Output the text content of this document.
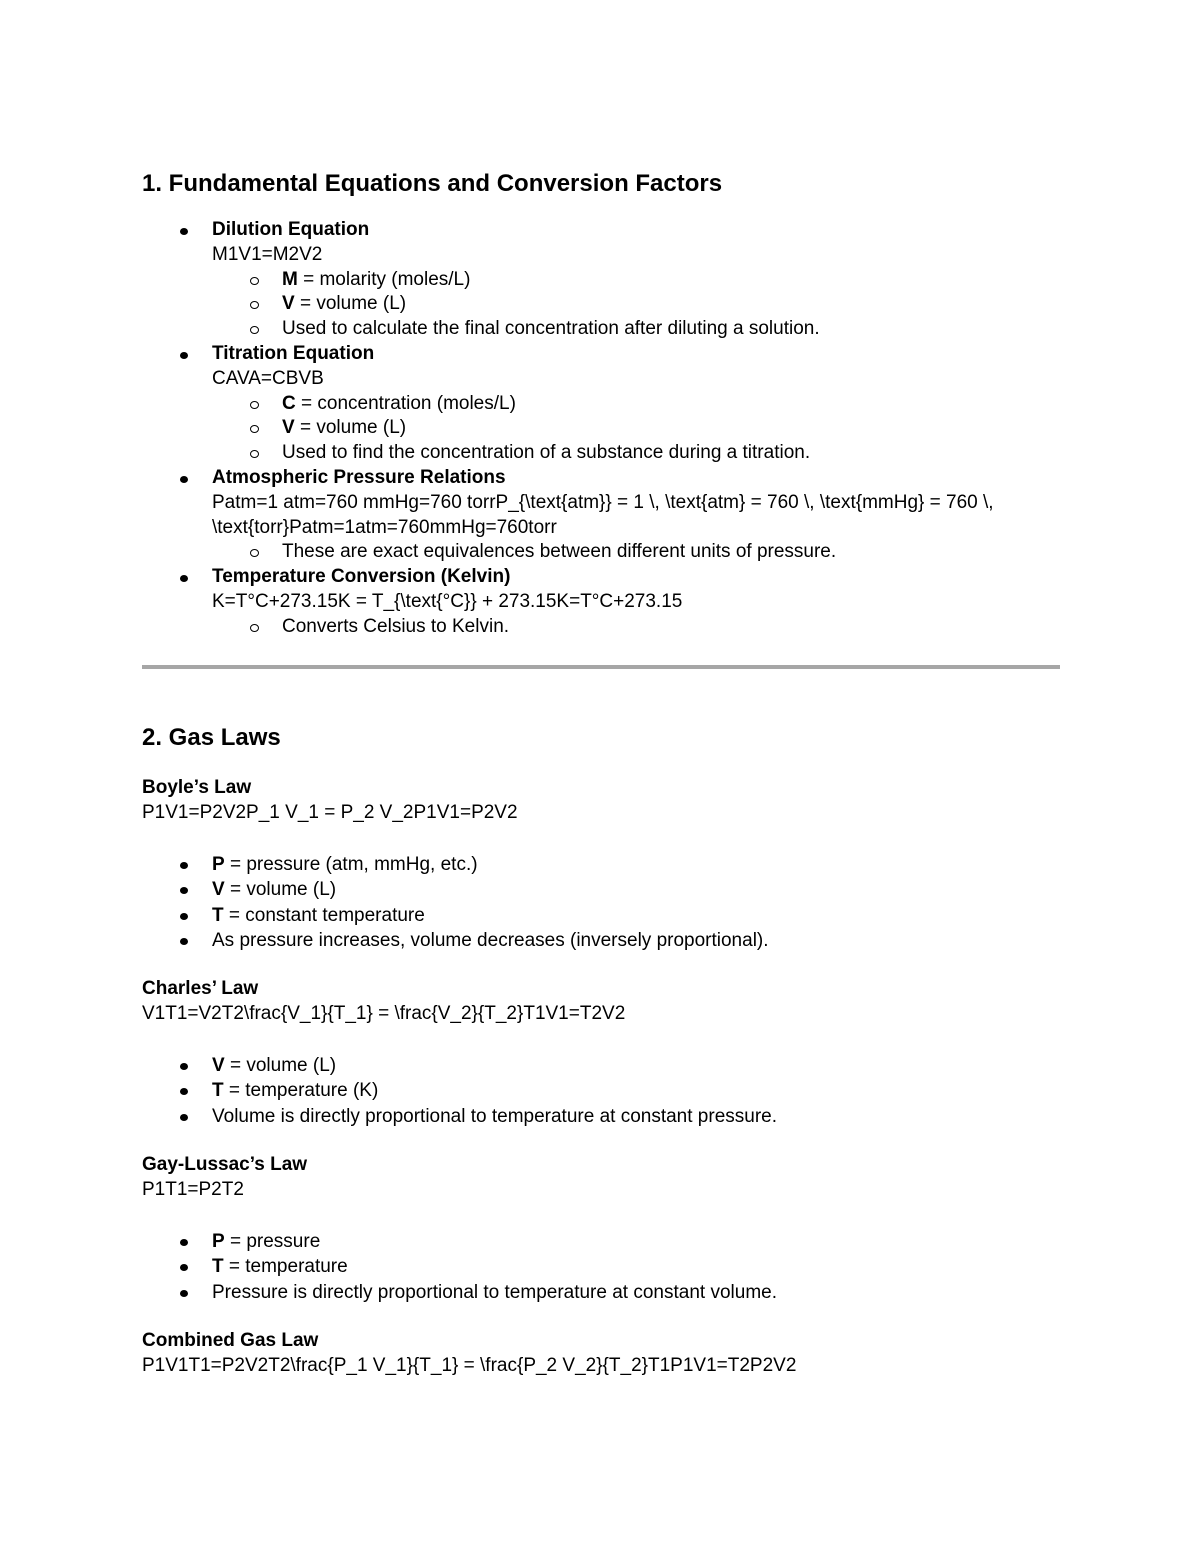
1. Fundamental Equations and Conversion Factors
Dilution Equation
M1V1=M2V2
M = molarity (moles/L)
V = volume (L)
Used to calculate the final concentration after diluting a solution.
Titration Equation
CAVA=CBVB
C = concentration (moles/L)
V = volume (L)
Used to find the concentration of a substance during a titration.
Atmospheric Pressure Relations
Patm=1 atm=760 mmHg=760 torrP_{\text{atm}} = 1 \, \text{atm} = 760 \, \text{mmHg} = 760 \, \text{torr}Patm=1atm=760mmHg=760torr
These are exact equivalences between different units of pressure.
Temperature Conversion (Kelvin)
K=T°C+273.15K = T_{\text{°C}} + 273.15K=T°C+273.15
Converts Celsius to Kelvin.
2. Gas Laws
Boyle’s Law
P1V1=P2V2P_1 V_1 = P_2 V_2P1V1=P2V2
P = pressure (atm, mmHg, etc.)
V = volume (L)
T = constant temperature
As pressure increases, volume decreases (inversely proportional).
Charles’ Law
V1T1=V2T2\frac{V_1}{T_1} = \frac{V_2}{T_2}T1V1=T2V2
V = volume (L)
T = temperature (K)
Volume is directly proportional to temperature at constant pressure.
Gay-Lussac’s Law
P1T1=P2T2
P = pressure
T = temperature
Pressure is directly proportional to temperature at constant volume.
Combined Gas Law
P1V1T1=P2V2T2\frac{P_1 V_1}{T_1} = \frac{P_2 V_2}{T_2}T1P1V1=T2P2V2
